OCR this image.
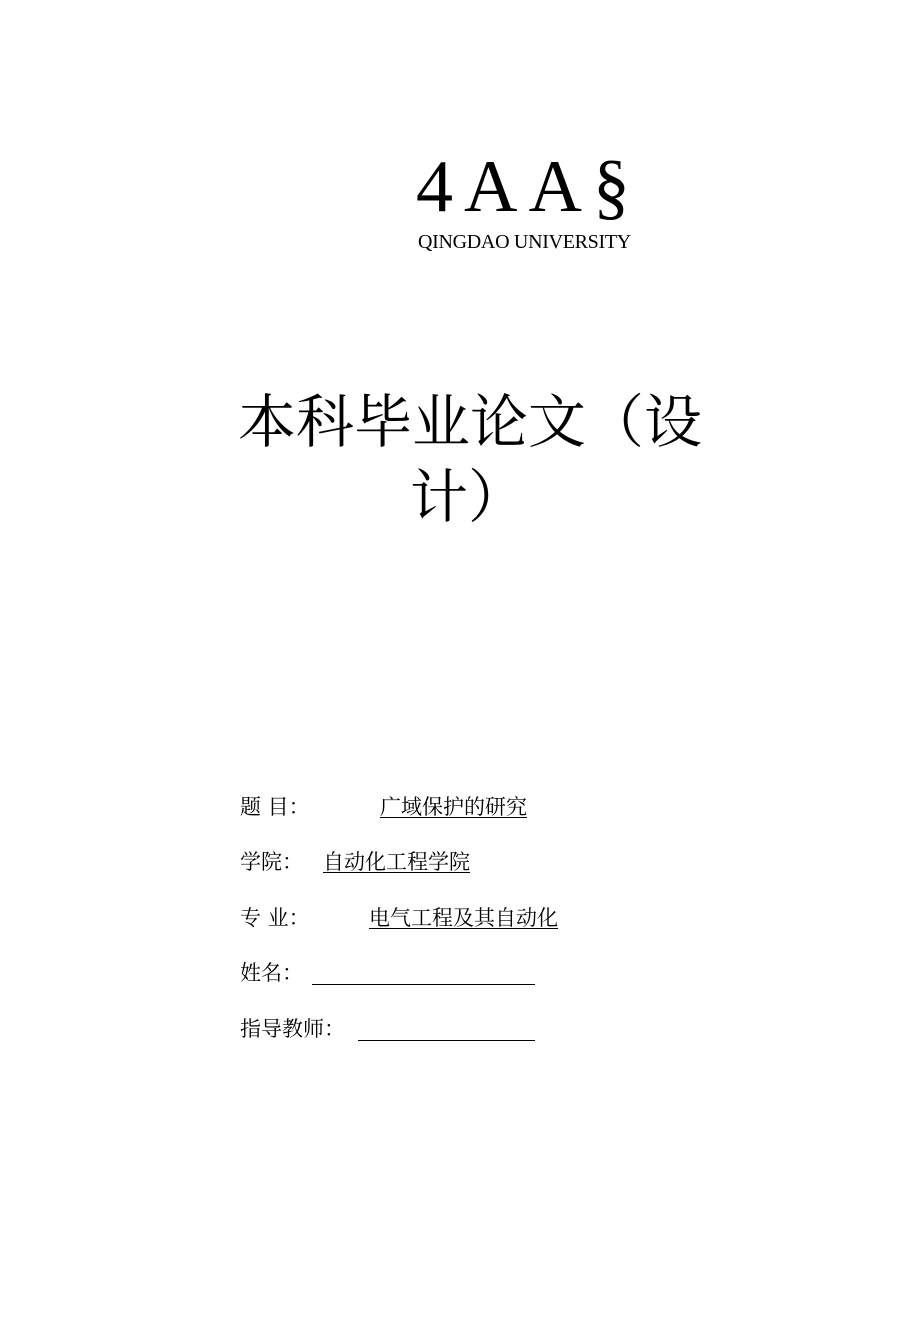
4AA§
QINGDAO UNIVERSITY
本科毕业论文（设
计）
题 目：	广域保护的研究
学院： 自动化工程学院
专 业：	电气工程及其自动化
姓名：
指导教师：
